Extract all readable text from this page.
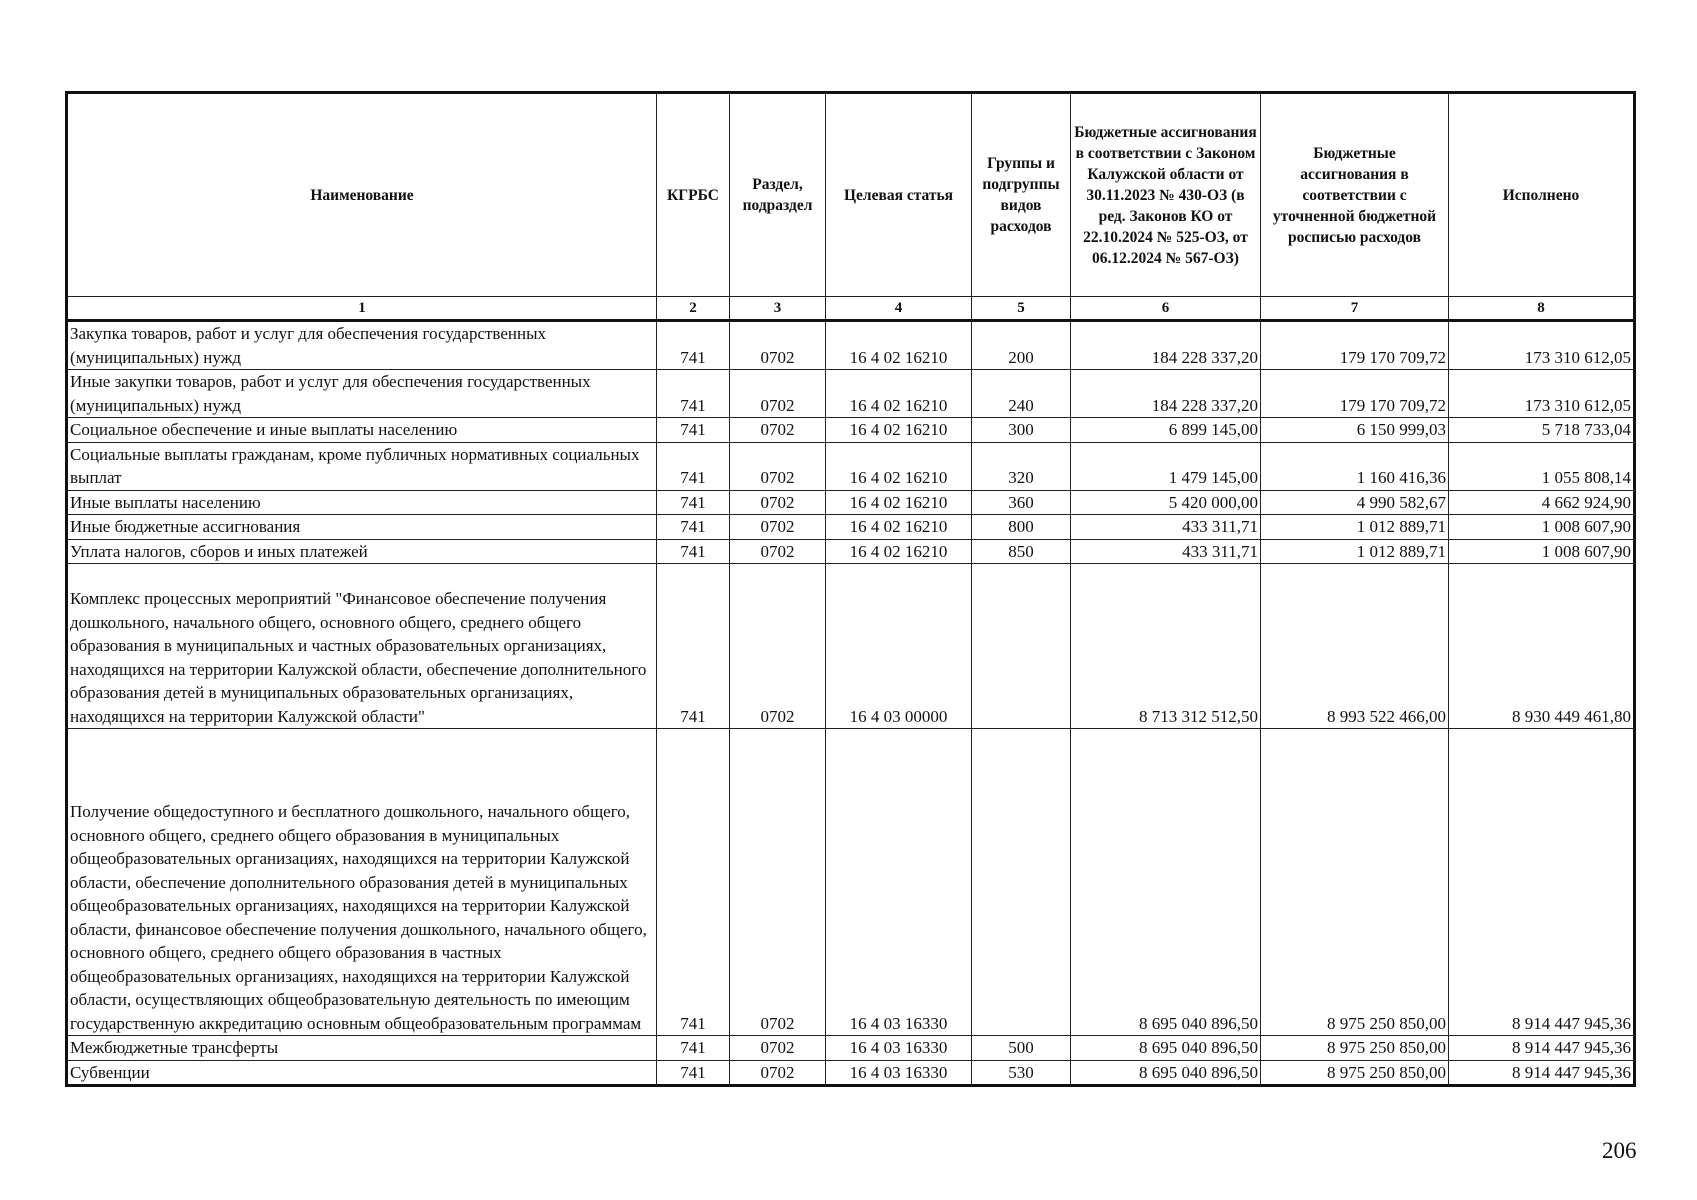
Наименование	КГРБС	Раздел, подраздел	Целевая статья	Группы и подгруппы видов расходов	Бюджетные ассигнования в соответствии с Законом Калужской области от 30.11.2023 № 430-ОЗ (в ред. Законов КО от 22.10.2024 № 525-ОЗ, от 06.12.2024 № 567-ОЗ)	Бюджетные ассигнования в соответствии с уточненной бюджетной росписью расходов	Исполнено
1	2	3	4	5	6	7	8
Закупка товаров, работ и услуг для обеспечения государственных (муниципальных) нужд	741	0702	16 4 02 16210	200	184 228 337,20	179 170 709,72	173 310 612,05
Иные закупки товаров, работ и услуг для обеспечения государственных (муниципальных) нужд	741	0702	16 4 02 16210	240	184 228 337,20	179 170 709,72	173 310 612,05
Социальное обеспечение и иные выплаты населению	741	0702	16 4 02 16210	300	6 899 145,00	6 150 999,03	5 718 733,04
Социальные выплаты гражданам, кроме публичных нормативных социальных выплат	741	0702	16 4 02 16210	320	1 479 145,00	1 160 416,36	1 055 808,14
Иные выплаты населению	741	0702	16 4 02 16210	360	5 420 000,00	4 990 582,67	4 662 924,90
Иные бюджетные ассигнования	741	0702	16 4 02 16210	800	433 311,71	1 012 889,71	1 008 607,90
Уплата налогов, сборов и иных платежей	741	0702	16 4 02 16210	850	433 311,71	1 012 889,71	1 008 607,90
Комплекс процессных мероприятий "Финансовое обеспечение получения дошкольного, начального общего, основного общего, среднего общего образования в муниципальных и частных образовательных организациях, находящихся на территории Калужской области, обеспечение дополнительного образования детей в муниципальных образовательных организациях, находящихся на территории Калужской области"	741	0702	16 4 03 00000		8 713 312 512,50	8 993 522 466,00	8 930 449 461,80
Получение общедоступного и бесплатного дошкольного, начального общего, основного общего, среднего общего образования в муниципальных общеобразовательных организациях, находящихся на территории Калужской области, обеспечение дополнительного образования детей в муниципальных общеобразовательных организациях, находящихся на территории Калужской области, финансовое обеспечение получения дошкольного, начального общего, основного общего, среднего общего образования в частных общеобразовательных организациях, находящихся на территории Калужской области, осуществляющих общеобразовательную деятельность по имеющим государственную аккредитацию основным общеобразовательным программам	741	0702	16 4 03 16330		8 695 040 896,50	8 975 250 850,00	8 914 447 945,36
Межбюджетные трансферты	741	0702	16 4 03 16330	500	8 695 040 896,50	8 975 250 850,00	8 914 447 945,36
Субвенции	741	0702	16 4 03 16330	530	8 695 040 896,50	8 975 250 850,00	8 914 447 945,36
206
